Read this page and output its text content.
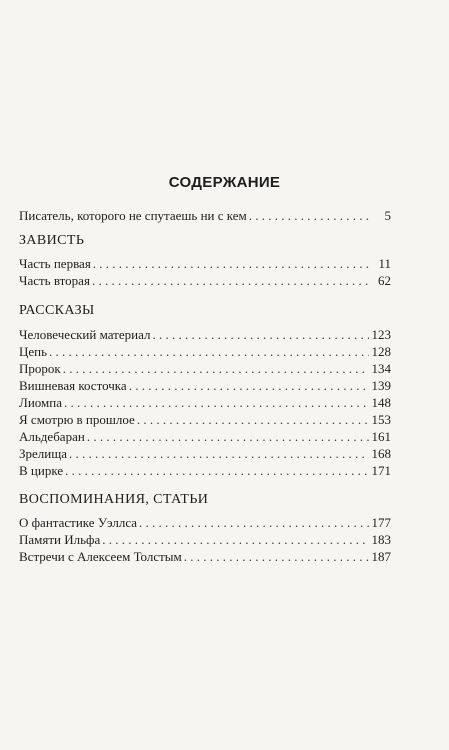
СОДЕРЖАНИЕ
Писатель, которого не спутаешь ни с кем . . .	5
ЗАВИСТЬ
Часть первая . . .	11
Часть вторая . . .	62
РАССКАЗЫ
Человеческий материал . . .	123
Цепь . . .	128
Пророк . . .	134
Вишневая косточка . . .	139
Лиомпа . . .	148
Я смотрю в прошлое . . .	153
Альдебаран . . .	161
Зрелища . . .	168
В цирке . . .	171
ВОСПОМИНАНИЯ, СТАТЬИ
О фантастике Уэллса . . .	177
Памяти Ильфа . . .	183
Встречи с Алексеем Толстым . . .	187
